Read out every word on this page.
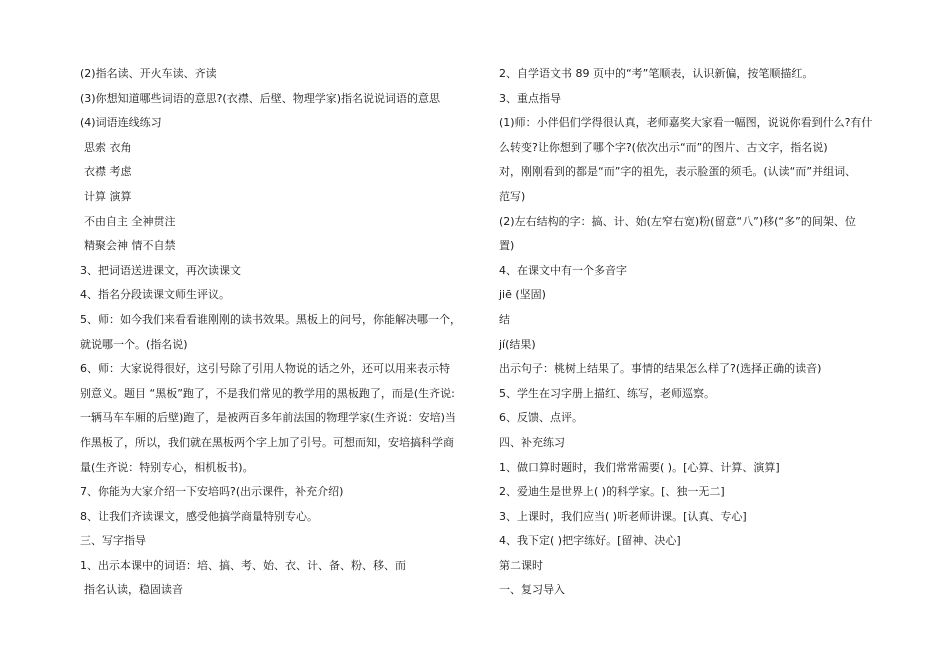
(2)指名读、开火车读、齐读
(3)你想知道哪些词语的意思?(衣襟、后壁、物理学家)指名说说词语的意思
(4)词语连线练习
思索 衣角
衣襟 考虑
计算 演算
不由自主 全神贯注
精聚会神 情不自禁
3、把词语送进课文，再次读课文
4、指名分段读课文师生评议。
5、师：如今我们来看看谁刚刚的读书效果。黑板上的问号，你能解决哪一个，
就说哪一个。(指名说)
6、师：大家说得很好，这引号除了引用人物说的话之外，还可以用来表示特
别意义。题目 “黑板”跑了，不是我们常见的教学用的黑板跑了，而是(生齐说:
一辆马车车厢的后壁)跑了，是被两百多年前法国的物理学家(生齐说：安培)当
作黑板了，所以，我们就在黑板两个字上加了引号。可想而知，安培搞科学商
量(生齐说：特别专心，相机板书)。
7、你能为大家介绍一下安培吗?(出示课件，补充介绍)
8、让我们齐读课文，感受他搞学商量特别专心。
三、写字指导
1、出示本课中的词语：培、搞、考、始、衣、计、备、粉、移、而
指名认读，稳固读音
2、自学语文书 89 页中的“考”笔顺表，认识新偏，按笔顺描红。
3、重点指导
(1)师：小伴侣们学得很认真，老师嘉奖大家看一幅图，说说你看到什么?有什
么转变?让你想到了哪个字?(依次出示“而”的图片、古文字，指名说)
对，刚刚看到的都是“而”字的祖先，表示脸蛋的须毛。(认读“而”并组词、
范写)
(2)左右结构的字：搞、计、始(左窄右宽)粉(留意“八”)移(“多”的间架、位
置)
4、在课文中有一个多音字
jiē (坚固)
结
jí(结果)
出示句子：桃树上结果了。事情的结果怎么样了?(选择正确的读音)
5、学生在习字册上描红、练写，老师巡察。
6、反馈、点评。
四、补充练习
1、做口算时题时，我们常常需要( )。[心算、计算、演算]
2、爱迪生是世界上( )的科学家。[、独一无二]
3、上课时，我们应当( )听老师讲课。[认真、专心]
4、我下定( )把字练好。[留神、决心]
第二课时
一、复习导入
